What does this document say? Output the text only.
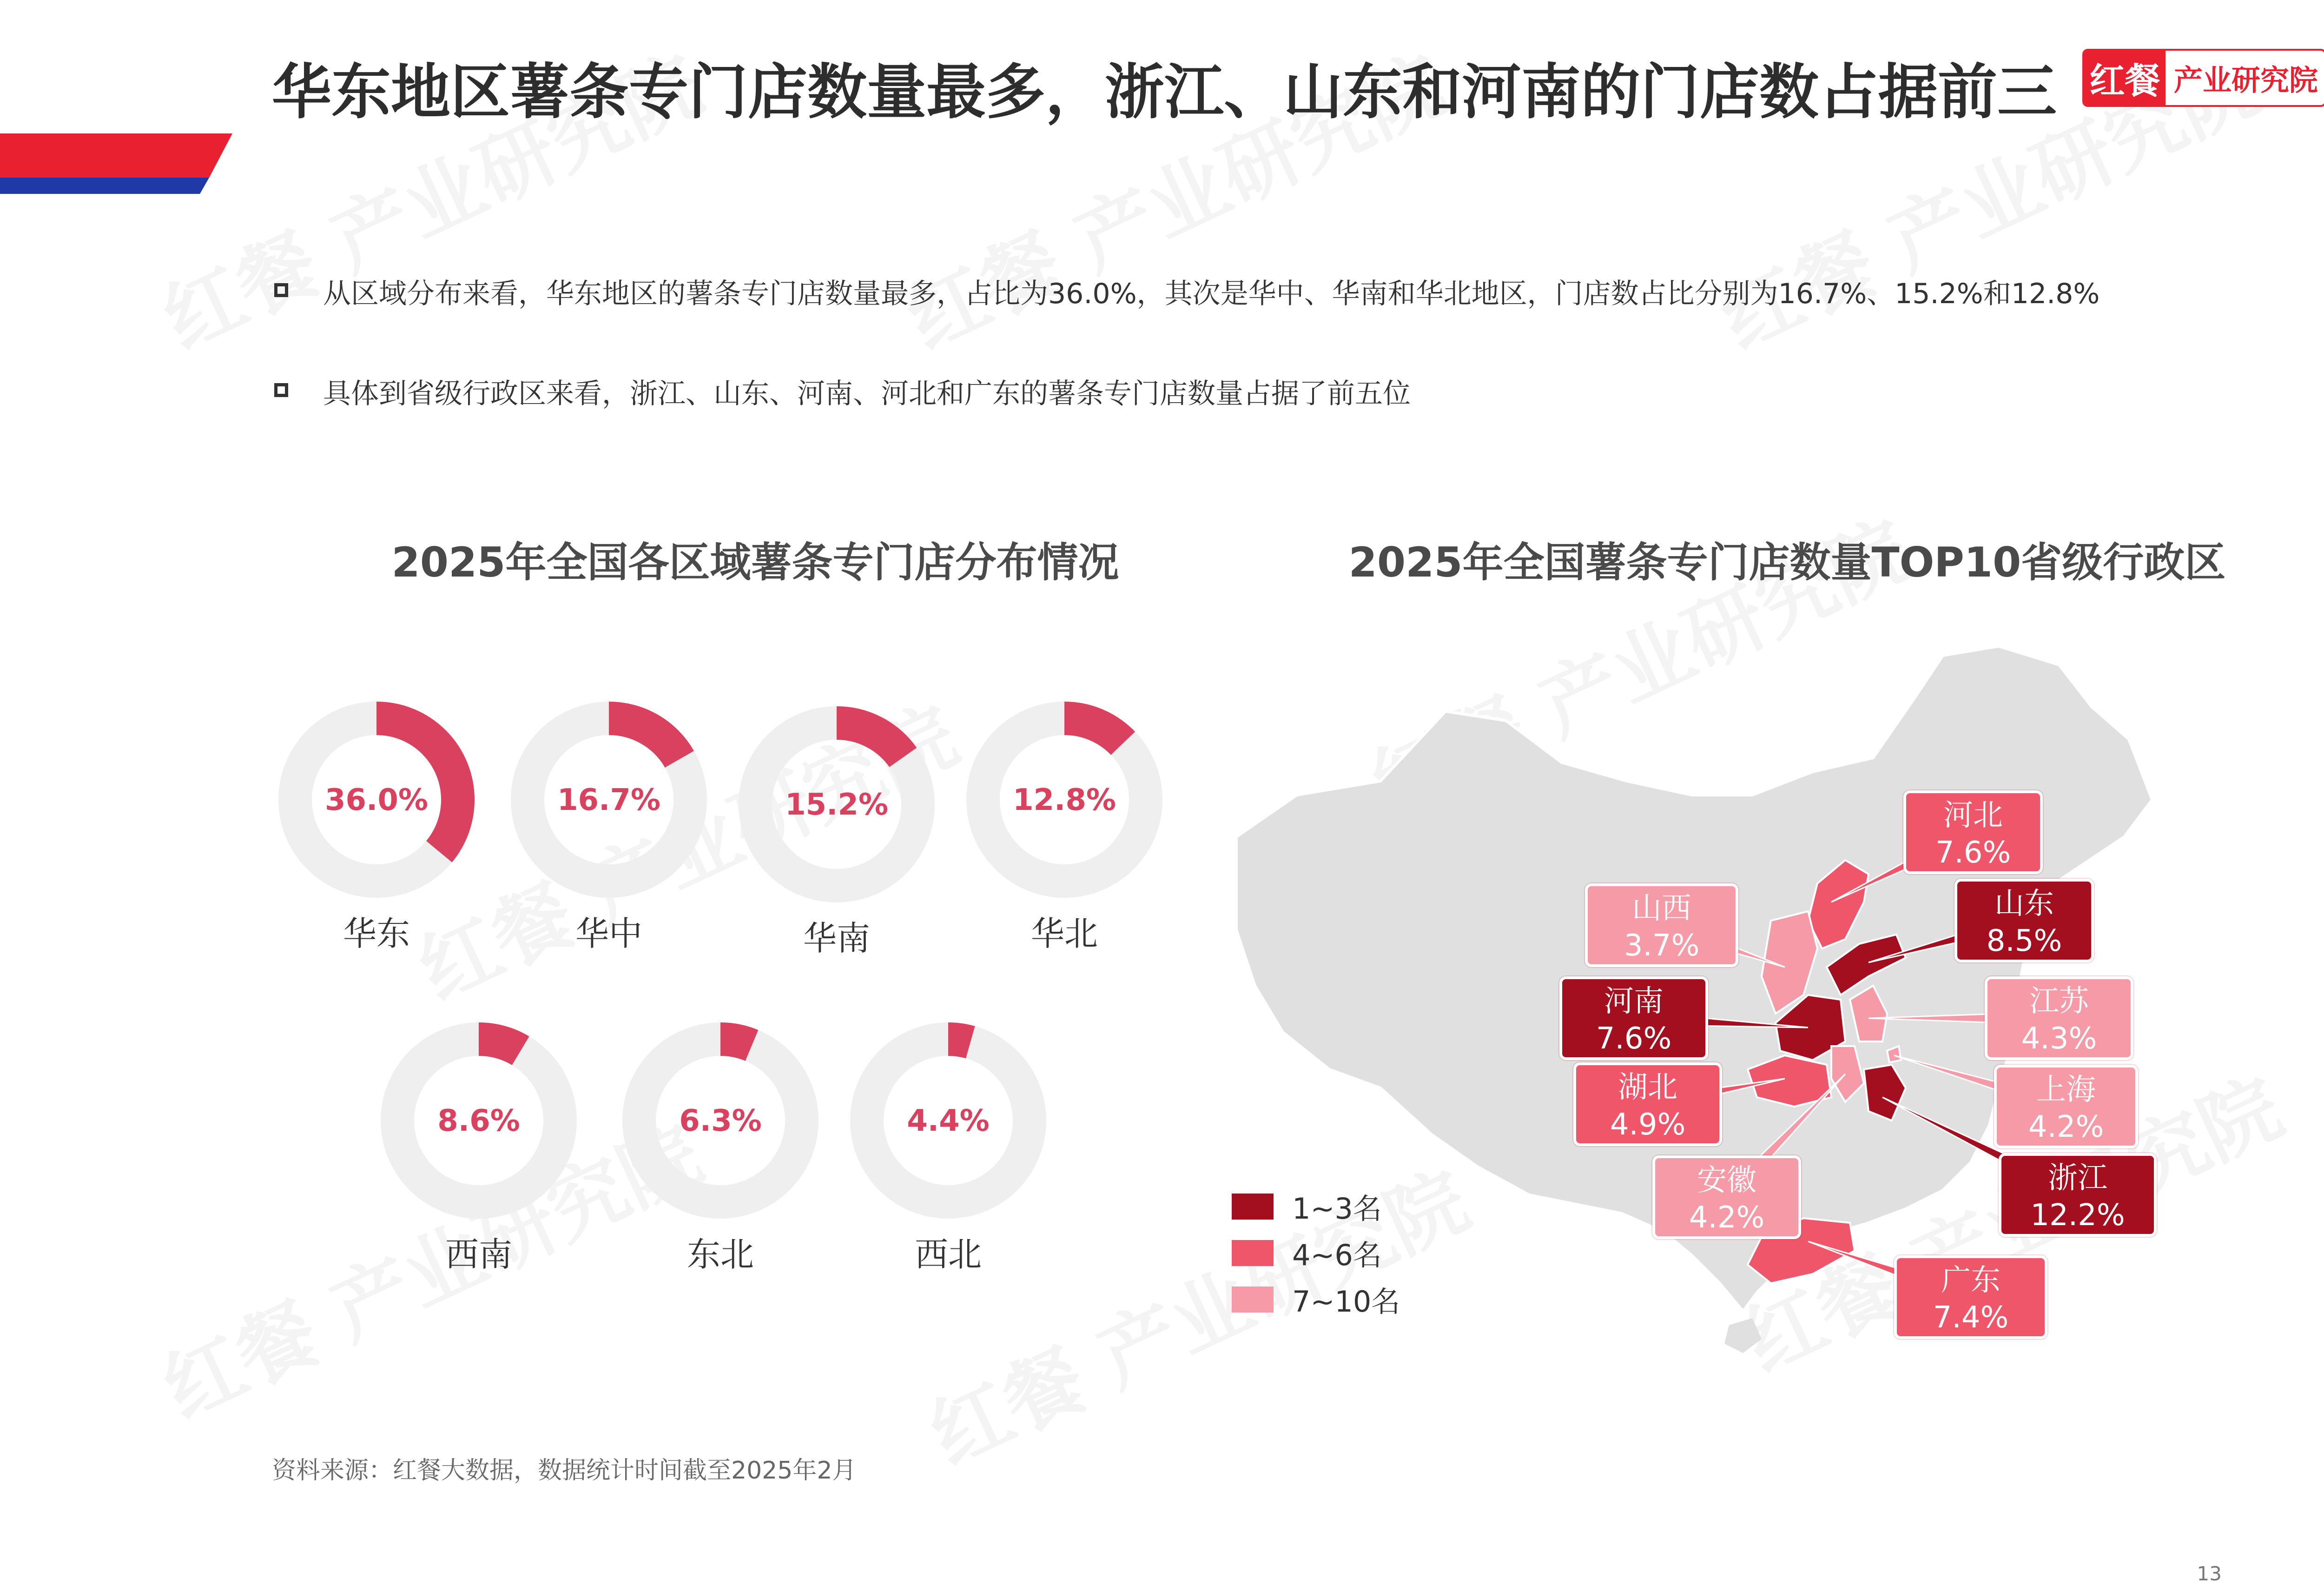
华东地区薯条专门店数量最多，浙江、山东和河南的门店数占据前三 红餐 产业研究院
从区域分布来看，华东地区的薯条专门店数量最多，占比为36.0%，其次是华中、华南和华北地区，门店数占比分别为16.7%、15.2%和12.8%
具体到省级行政区来看，浙江、山东、河南、河北和广东的薯条专门店数量占据了前五位
2025年全国各区域薯条专门店分布情况	2025年全国薯条专门店数量TOP10省级行政区
36.0%
华东
16.7%
华中
15.2%
华南
12.8%
华北
8.6%
西南
6.3%
东北
4.4%
西北
浙江
12.2%
山东
8.5%
河南
7.6%
河北
7.6%
广东
7.4%
湖北
4.9%
江苏
4.3%
上海
4.2%
安徽
4.2%
山西
3.7%
1~3名
4~6名
7~10名
资料来源：红餐大数据，数据统计时间截至2025年2月
13
